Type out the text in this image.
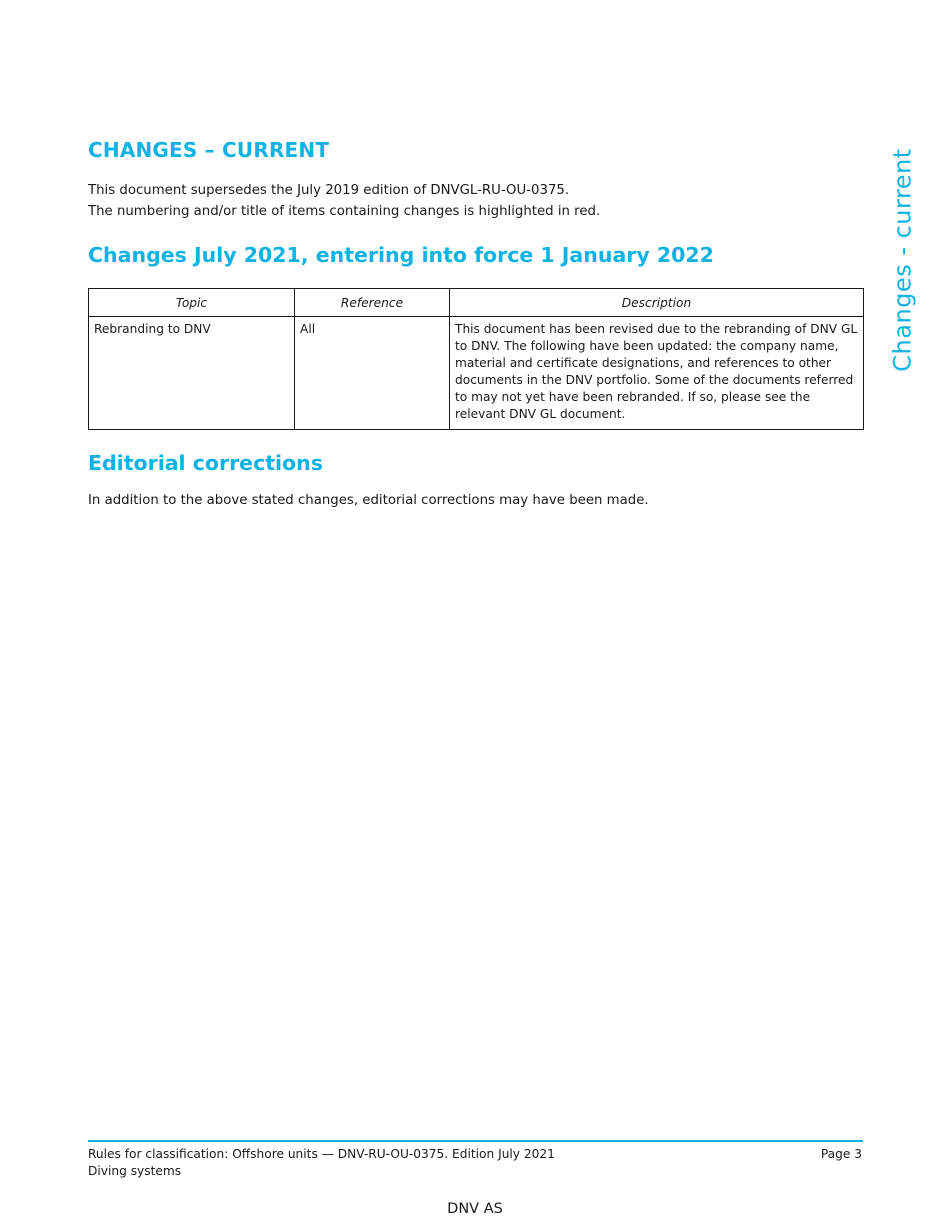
Changes - current
CHANGES – CURRENT

This document supersedes the July 2019 edition of DNVGL-RU-OU-0375.

The numbering and/or title of items containing changes is highlighted in red.

Changes July 2021, entering into force 1 January 2022
Topic	Reference	Description
Rebranding to DNV	All	This document has been revised due to the rebranding of DNV GL to DNV. The following have been updated: the company name, material and certificate designations, and references to other documents in the DNV portfolio. Some of the documents referred to may not yet have been rebranded. If so, please see the relevant DNV GL document.
Editorial corrections

In addition to the above stated changes, editorial corrections may have been made.

Rules for classification: Offshore units — DNV-RU-OU-0375. Edition July 2021
Diving systems
Page 3
DNV AS
